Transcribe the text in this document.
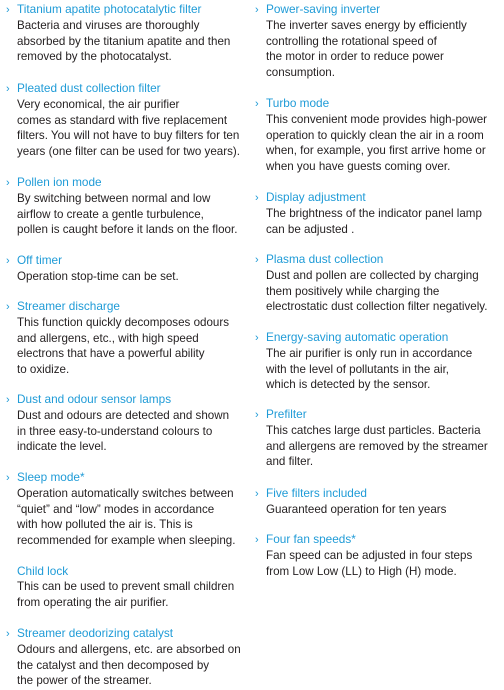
› Titanium apatite photocatalytic filter

Bacteria and viruses are thoroughly
absorbed by the titanium apatite and then
removed by the photocatalyst.

› Pleated dust collection filter

Very economical, the air purifier
comes as standard with five replacement
filters. You will not have to buy filters for ten
years (one filter can be used for two years).

› Pollen ion mode

By switching between normal and low
airflow to create a gentle turbulence,
pollen is caught before it lands on the floor.

› Off timer

Operation stop-time can be set.

› Streamer discharge

This function quickly decomposes odours
and allergens, etc., with high speed
electrons that have a powerful ability
to oxidize.

› Dust and odour sensor lamps

Dust and odours are detected and shown
in three easy-to-understand colours to
indicate the level.

› Sleep mode*

Operation automatically switches between
“quiet” and “low” modes in accordance
with how polluted the air is. This is
recommended for example when sleeping.

Child lock

This can be used to prevent small children
from operating the air purifier.

› Streamer deodorizing catalyst

Odours and allergens, etc. are absorbed on
the catalyst and then decomposed by
the power of the streamer.

› Power-saving inverter

The inverter saves energy by efficiently
controlling the rotational speed of
the motor in order to reduce power
consumption.

› Turbo mode

This convenient mode provides high-power
operation to quickly clean the air in a room
when, for example, you first arrive home or
when you have guests coming over.

› Display adjustment

The brightness of the indicator panel lamp
can be adjusted .

› Plasma dust collection

Dust and pollen are collected by charging
them positively while charging the
electrostatic dust collection filter negatively.

› Energy-saving automatic operation

The air purifier is only run in accordance
with the level of pollutants in the air,
which is detected by the sensor.

› Prefilter

This catches large dust particles. Bacteria
and allergens are removed by the streamer
and filter.

› Five filters included

Guaranteed operation for ten years

› Four fan speeds*

Fan speed can be adjusted in four steps
from Low Low (LL) to High (H) mode.
